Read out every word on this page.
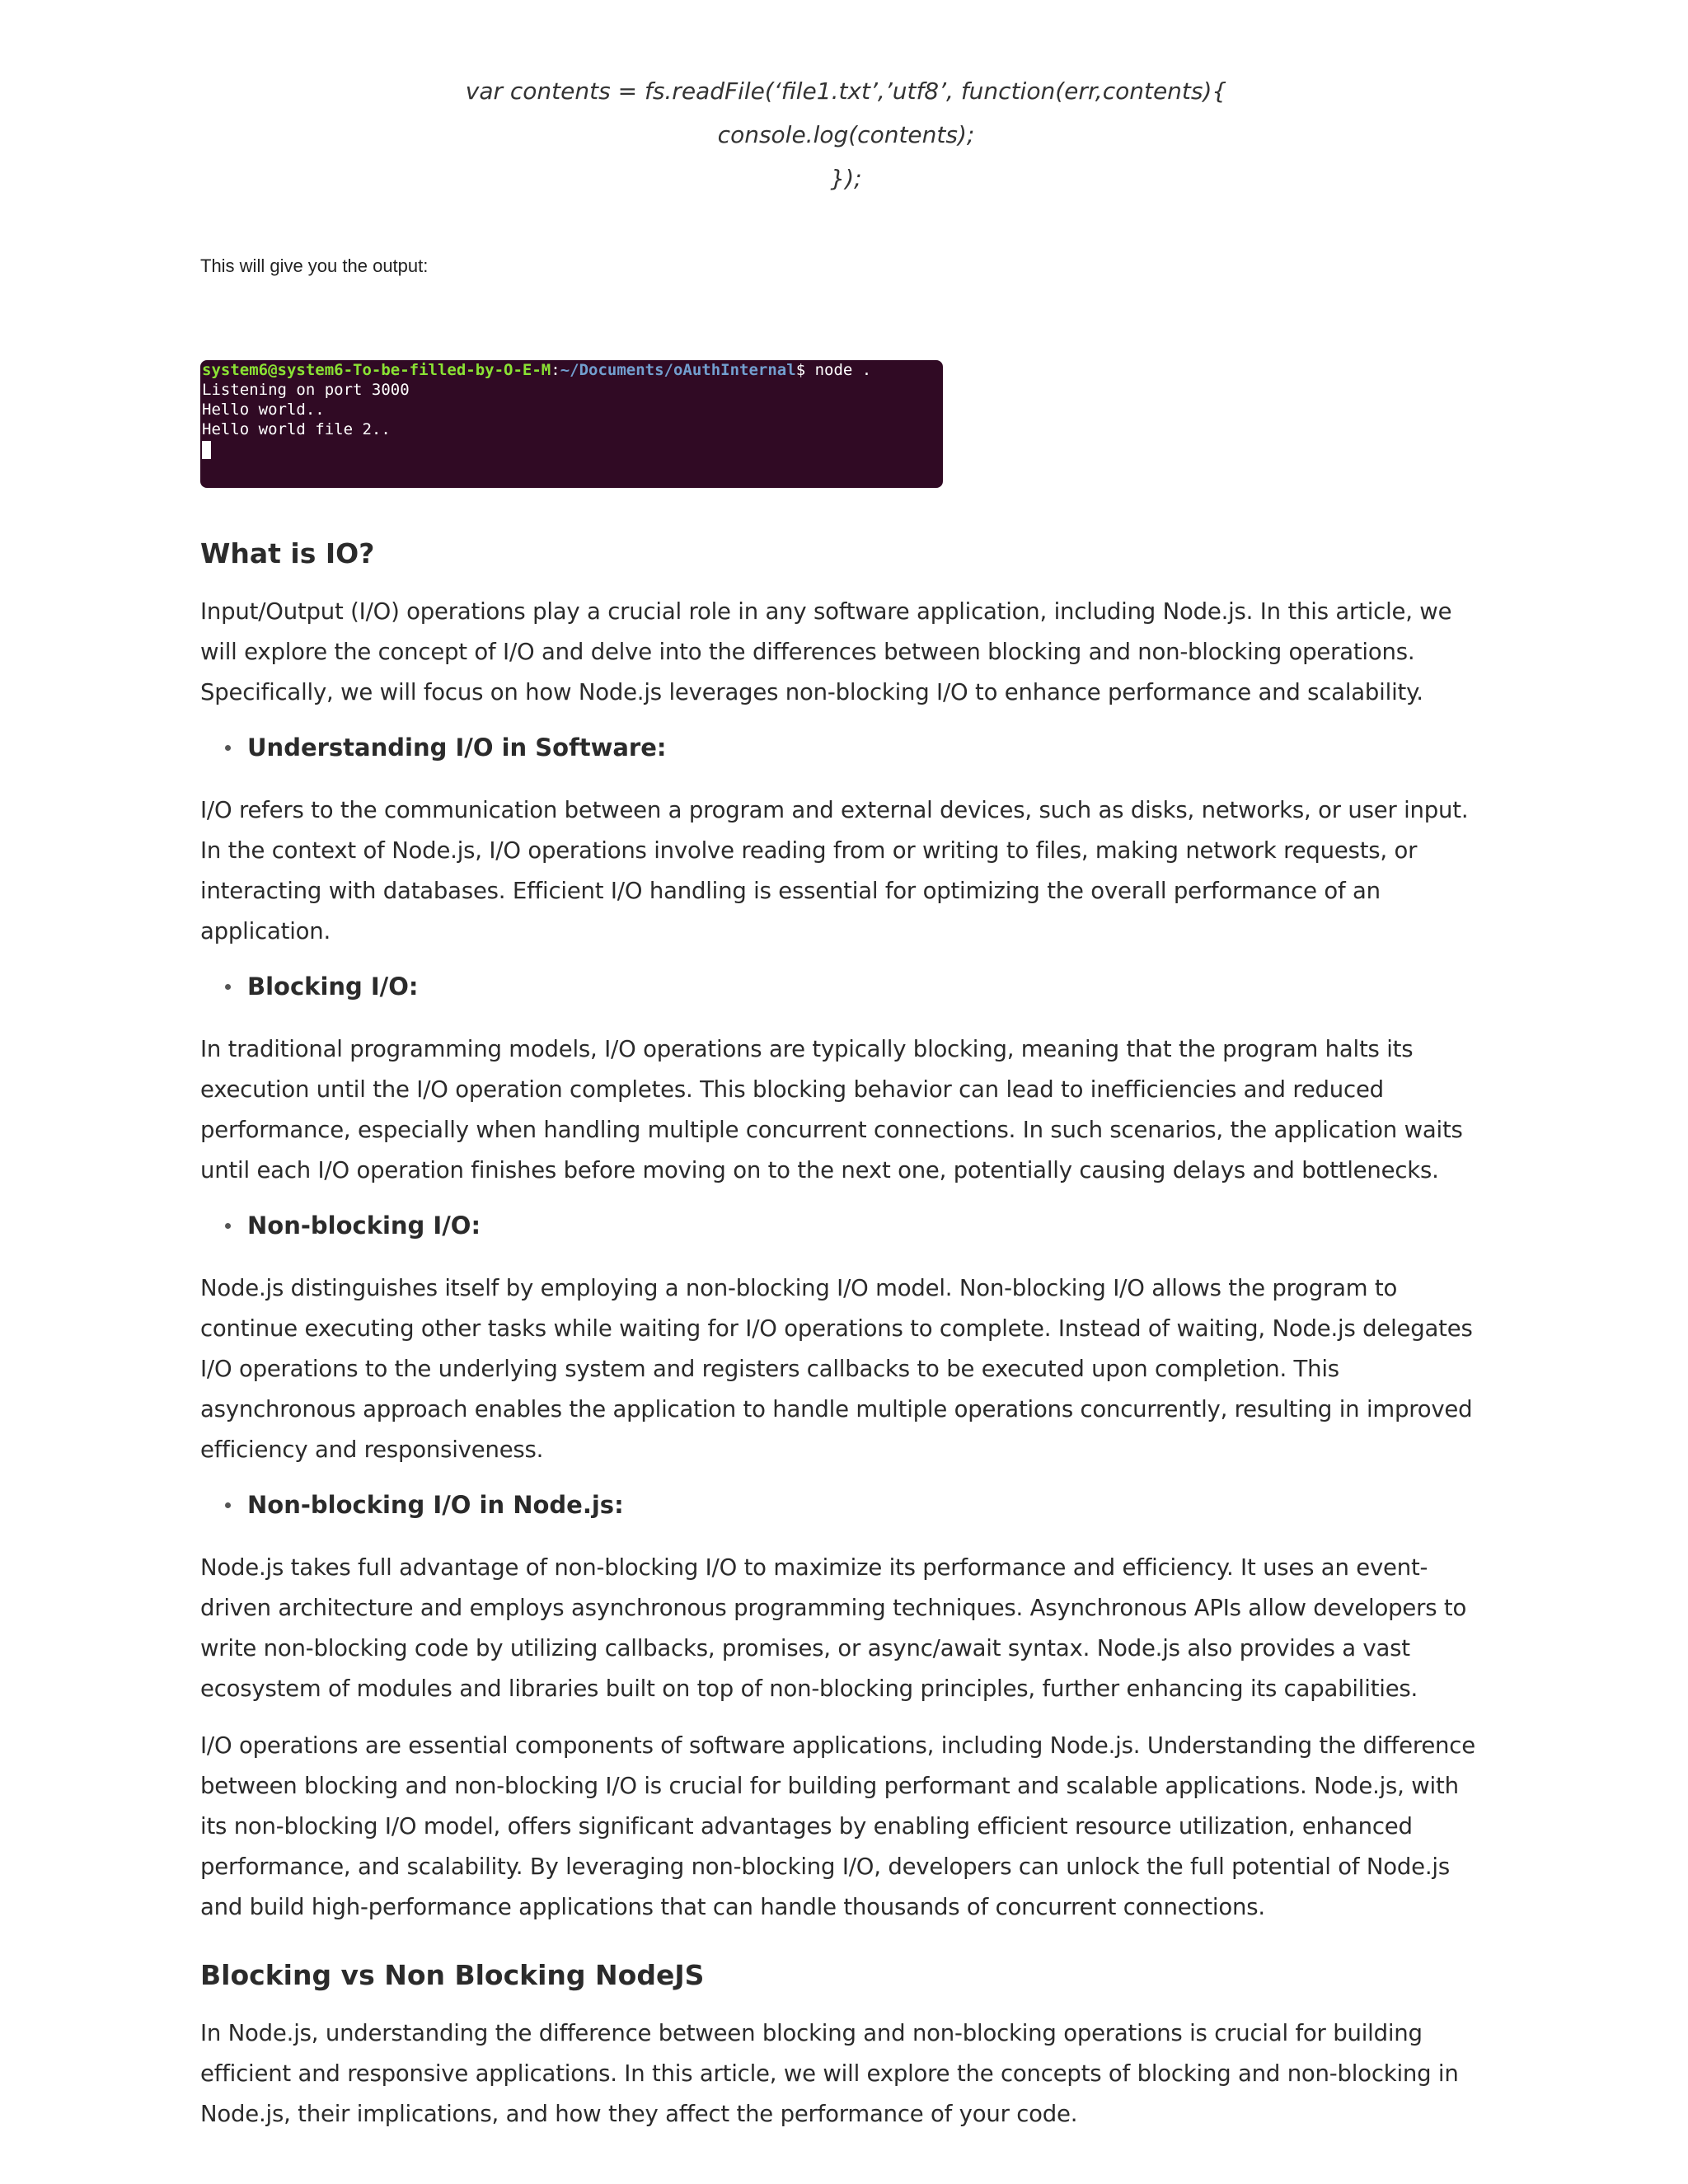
var contents = fs.readFile(‘file1.txt’,’utf8’, function(err,contents){

console.log(contents);

});

This will give you the output:

system6@system6-To-be-filled-by-O-E-M:~/Documents/oAuthInternal$ node .
Listening on port 3000
Hello world..
Hello world file 2..
What is IO?

Input/Output (I/O) operations play a crucial role in any software application, including Node.js. In this article, we will explore the concept of I/O and delve into the differences between blocking and non-blocking operations. Specifically, we will focus on how Node.js leverages non-blocking I/O to enhance performance and scalability.

Understanding I/O in Software:

I/O refers to the communication between a program and external devices, such as disks, networks, or user input. In the context of Node.js, I/O operations involve reading from or writing to files, making network requests, or interacting with databases. Efficient I/O handling is essential for optimizing the overall performance of an application.

Blocking I/O:

In traditional programming models, I/O operations are typically blocking, meaning that the program halts its execution until the I/O operation completes. This blocking behavior can lead to inefficiencies and reduced performance, especially when handling multiple concurrent connections. In such scenarios, the application waits until each I/O operation finishes before moving on to the next one, potentially causing delays and bottlenecks.

Non-blocking I/O:

Node.js distinguishes itself by employing a non-blocking I/O model. Non-blocking I/O allows the program to continue executing other tasks while waiting for I/O operations to complete. Instead of waiting, Node.js delegates I/O operations to the underlying system and registers callbacks to be executed upon completion. This asynchronous approach enables the application to handle multiple operations concurrently, resulting in improved efficiency and responsiveness.

Non-blocking I/O in Node.js:

Node.js takes full advantage of non-blocking I/O to maximize its performance and efficiency. It uses an event-driven architecture and employs asynchronous programming techniques. Asynchronous APIs allow developers to write non-blocking code by utilizing callbacks, promises, or async/await syntax. Node.js also provides a vast ecosystem of modules and libraries built on top of non-blocking principles, further enhancing its capabilities.

I/O operations are essential components of software applications, including Node.js. Understanding the difference between blocking and non-blocking I/O is crucial for building performant and scalable applications. Node.js, with its non-blocking I/O model, offers significant advantages by enabling efficient resource utilization, enhanced performance, and scalability. By leveraging non-blocking I/O, developers can unlock the full potential of Node.js and build high-performance applications that can handle thousands of concurrent connections.

Blocking vs Non Blocking NodeJS

In Node.js, understanding the difference between blocking and non-blocking operations is crucial for building efficient and responsive applications. In this article, we will explore the concepts of blocking and non-blocking in Node.js, their implications, and how they affect the performance of your code.
